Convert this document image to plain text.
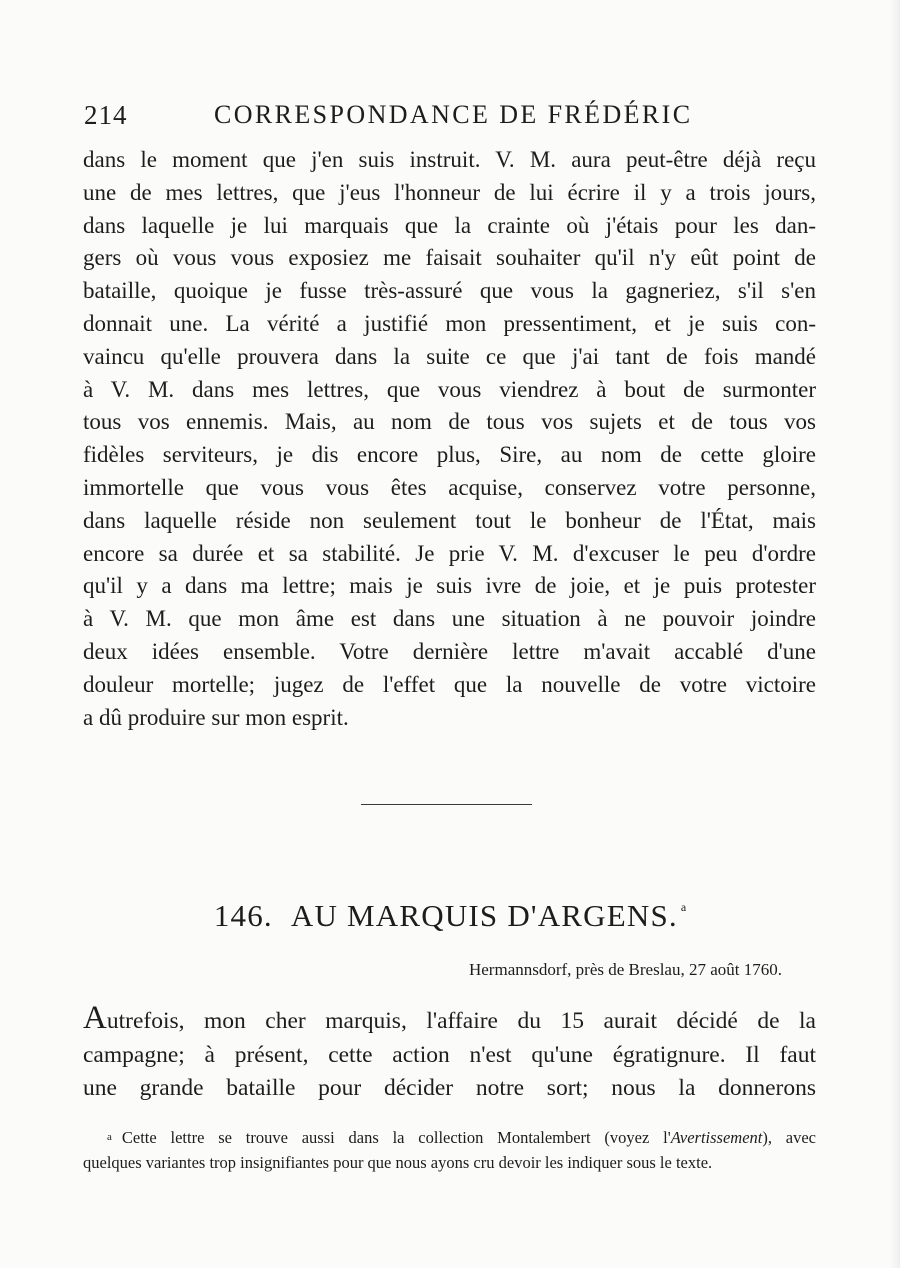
214	CORRESPONDANCE DE FRÉDÉRIC
dans le moment que j'en suis instruit. V. M. aura peut-être déjà reçu
une de mes lettres, que j'eus l'honneur de lui écrire il y a trois jours,
dans laquelle je lui marquais que la crainte où j'étais pour les dan-
gers où vous vous exposiez me faisait souhaiter qu'il n'y eût point de
bataille, quoique je fusse très-assuré que vous la gagneriez, s'il s'en
donnait une. La vérité a justifié mon pressentiment, et je suis con-
vaincu qu'elle prouvera dans la suite ce que j'ai tant de fois mandé
à V. M. dans mes lettres, que vous viendrez à bout de surmonter
tous vos ennemis. Mais, au nom de tous vos sujets et de tous vos
fidèles serviteurs, je dis encore plus, Sire, au nom de cette gloire
immortelle que vous vous êtes acquise, conservez votre personne,
dans laquelle réside non seulement tout le bonheur de l'État, mais
encore sa durée et sa stabilité. Je prie V. M. d'excuser le peu d'ordre
qu'il y a dans ma lettre; mais je suis ivre de joie, et je puis protester
à V. M. que mon âme est dans une situation à ne pouvoir joindre
deux idées ensemble. Votre dernière lettre m'avait accablé d'une
douleur mortelle; jugez de l'effet que la nouvelle de votre victoire
a dû produire sur mon esprit.
146. AU MARQUIS D'ARGENS. $^a$
Hermannsdorf, près de Breslau, 27 août 1760.
Autrefois, mon cher marquis, l'affaire du 15 aurait décidé de la
campagne; à présent, cette action n'est qu'une égratignure. Il faut
une grande bataille pour décider notre sort; nous la donnerons
a Cette lettre se trouve aussi dans la collection Montalembert (voyez l'Avertissement), avec
quelques variantes trop insignifiantes pour que nous ayons cru devoir les indiquer sous le texte.
